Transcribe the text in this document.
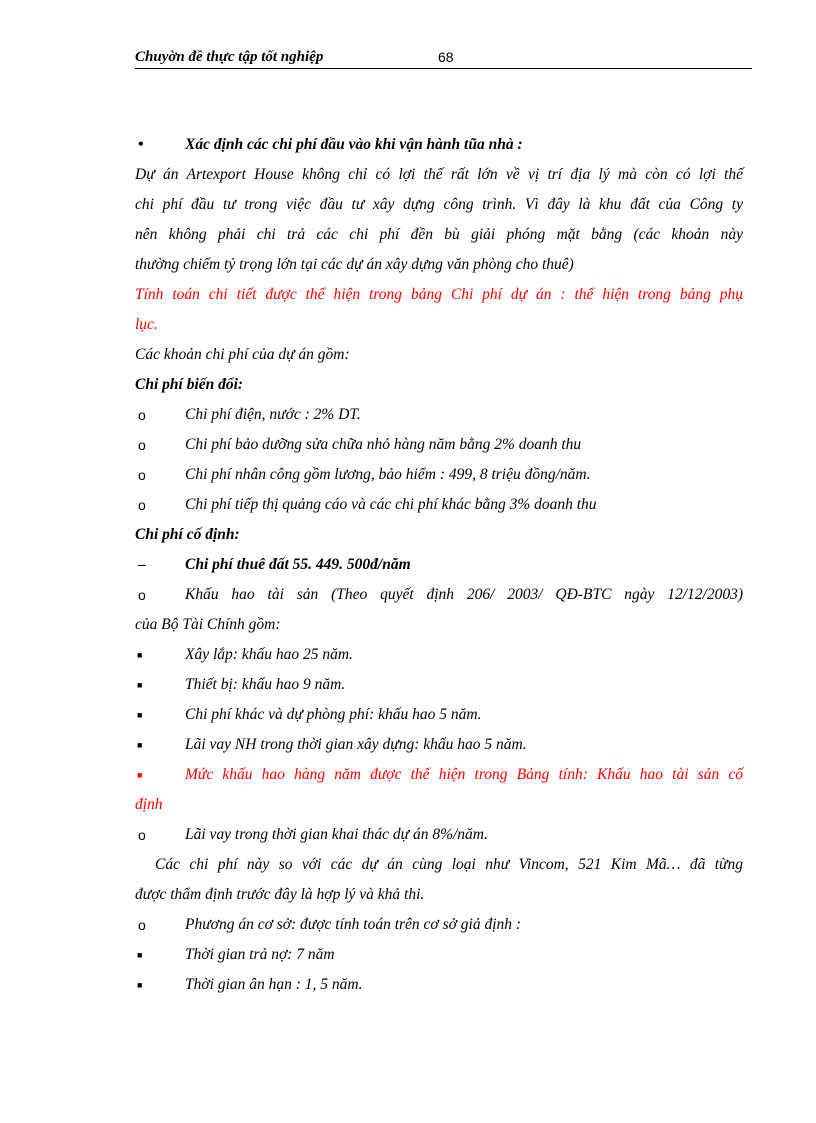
Chuyờn đề thực tập tốt nghiệp	68
•	Xác định các chi phí đầu vào khi vận hành tũa nhà :
Dự án Artexport House không chỉ có lợi thế rất lớn về vị trí địa lý mà còn có lợi thế
chi phí đầu tư trong việc đầu tư xây dựng công trình. Vì đây là khu đất của Công ty
nên không phải chi trả các chi phí đền bù giải phóng mặt bằng (các khoản này
thường chiếm tỷ trọng lớn tại các dự án xây dựng văn phòng cho thuê)
Tính toán chi tiết được thể hiện trong bảng Chi phí dự án : thể hiện trong bảng phụ
lục.
Các khoản chi phí của dự án gồm:
Chi phí biến đổi:
o	Chi phí điện, nước : 2% DT.
o	Chi phí bảo dưỡng sửa chữa nhỏ hàng năm bằng 2% doanh thu
o	Chi phí nhân công gồm lương, bảo hiểm : 499, 8 triệu đồng/năm.
o	Chi phí tiếp thị quảng cáo và các chi phí khác bằng 3% doanh thu
Chi phí cố định:
–	Chi phí thuê đất 55. 449. 500đ/năm
o	Khấu hao tài sản (Theo quyết định 206/ 2003/ QĐ-BTC ngày 12/12/2003)
của Bộ Tài Chính gồm:
■	Xây lắp: khấu hao 25 năm.
■	Thiết bị: khấu hao 9 năm.
■	Chi phí khác và dự phòng phí: khấu hao 5 năm.
■	Lãi vay NH trong thời gian xây dựng: khấu hao 5 năm.
■	Mức khấu hao hàng năm được thể hiện trong Bảng tính: Khấu hao tài sản cố
định
o	Lãi vay trong thời gian khai thác dự án 8%/năm.
Các chi phí này so với các dự án cùng loại như Vincom, 521 Kim Mã… đã từng
được thẩm định trước đây là hợp lý và khả thi.
o	Phương án cơ sở: được tính toán trên cơ sở giả định :
■	Thời gian trả nợ: 7 năm
■	Thời gian ân hạn : 1, 5 năm.
